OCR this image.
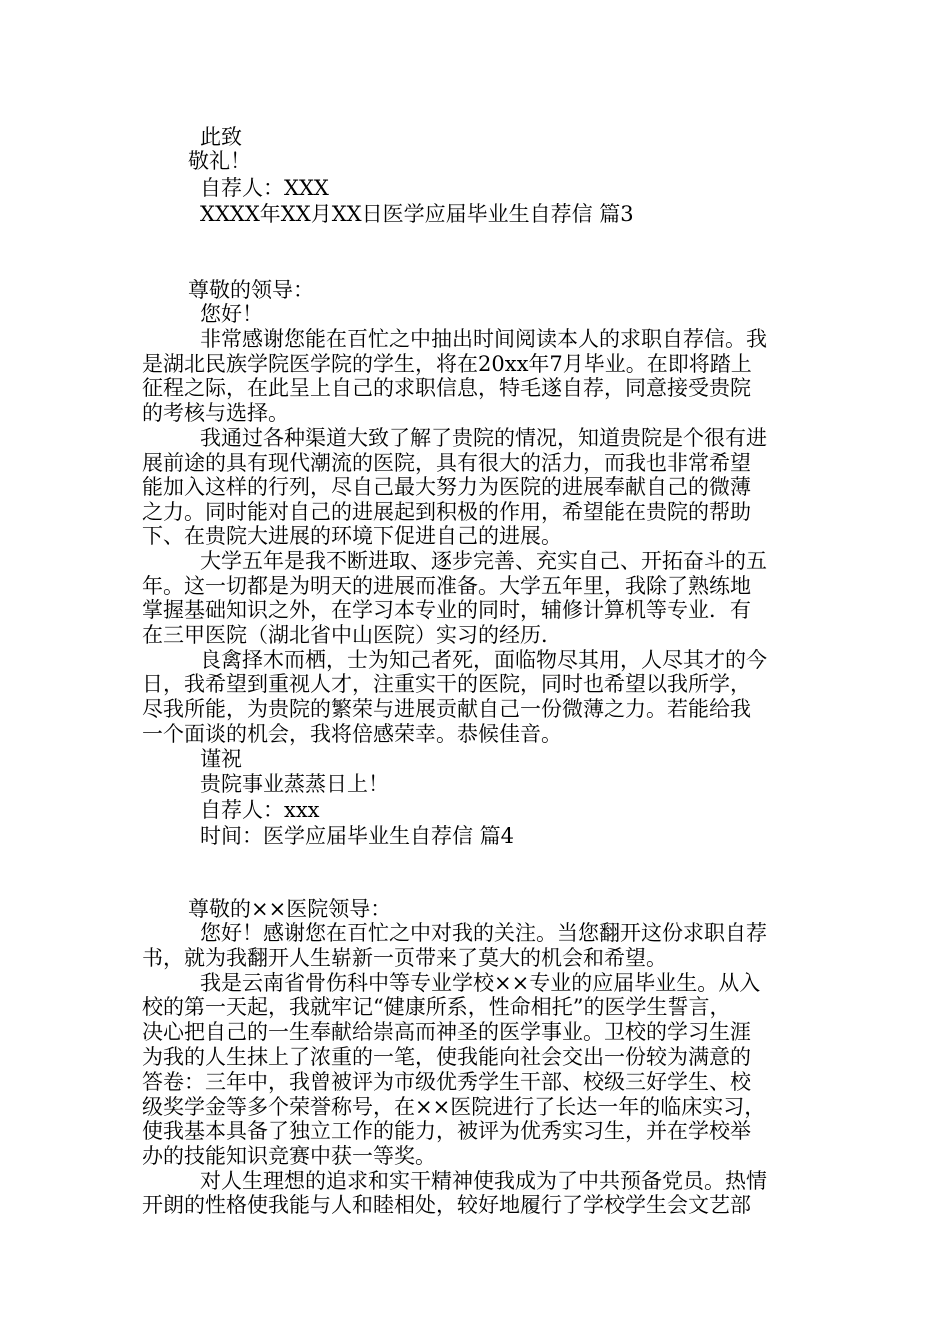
此致
敬礼！
自荐人：XXX
XXXX年XX月XX日医学应届毕业生自荐信 篇3
尊敬的领导：
您好！
非常感谢您能在百忙之中抽出时间阅读本人的求职自荐信。我
是湖北民族学院医学院的学生，将在20xx年7月毕业。在即将踏上
征程之际，在此呈上自己的求职信息，特毛遂自荐，同意接受贵院
的考核与选择。
我通过各种渠道大致了解了贵院的情况，知道贵院是个很有进
展前途的具有现代潮流的医院，具有很大的活力，而我也非常希望
能加入这样的行列，尽自己最大努力为医院的进展奉献自己的微薄
之力。同时能对自己的进展起到积极的作用，希望能在贵院的帮助
下、在贵院大进展的环境下促进自己的进展。
大学五年是我不断进取、逐步完善、充实自己、开拓奋斗的五
年。这一切都是为明天的进展而准备。大学五年里，我除了熟练地
掌握基础知识之外，在学习本专业的同时，辅修计算机等专业．有
在三甲医院（湖北省中山医院）实习的经历．
良禽择木而栖，士为知己者死，面临物尽其用，人尽其才的今
日，我希望到重视人才，注重实干的医院，同时也希望以我所学，
尽我所能，为贵院的繁荣与进展贡献自己一份微薄之力。若能给我
一个面谈的机会，我将倍感荣幸。恭候佳音。
谨祝
贵院事业蒸蒸日上！
自荐人：xxx
时间：医学应届毕业生自荐信 篇4
尊敬的××医院领导：
您好！感谢您在百忙之中对我的关注。当您翻开这份求职自荐
书，就为我翻开人生崭新一页带来了莫大的机会和希望。
我是云南省骨伤科中等专业学校××专业的应届毕业生。从入
校的第一天起，我就牢记“健康所系，性命相托”的医学生誓言，
决心把自己的一生奉献给崇高而神圣的医学事业。卫校的学习生涯
为我的人生抹上了浓重的一笔，使我能向社会交出一份较为满意的
答卷：三年中，我曾被评为市级优秀学生干部、校级三好学生、校
级奖学金等多个荣誉称号，在××医院进行了长达一年的临床实习，
使我基本具备了独立工作的能力，被评为优秀实习生，并在学校举
办的技能知识竞赛中获一等奖。
对人生理想的追求和实干精神使我成为了中共预备党员。热情
开朗的性格使我能与人和睦相处，较好地履行了学校学生会文艺部
